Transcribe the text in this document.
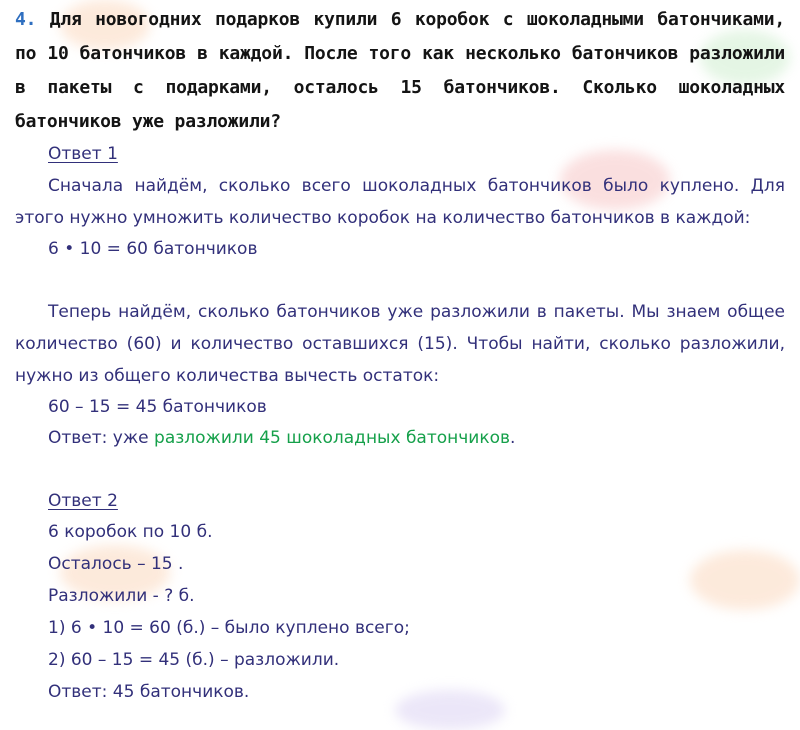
4. Для новогодних подарков купили 6 коробок с шоколадными батончиками, по 10 батончиков в каждой. После того как несколько батончиков разложили в пакеты с подарками, осталось 15 батончиков. Сколько шоколадных батончиков уже разложили?
Ответ 1
Сначала найдём, сколько всего шоколадных батончиков было куплено. Для этого нужно умножить количество коробок на количество батончиков в каждой:
6 • 10 = 60 батончиков
Теперь найдём, сколько батончиков уже разложили в пакеты. Мы знаем общее количество (60) и количество оставшихся (15). Чтобы найти, сколько разложили, нужно из общего количества вычесть остаток:
60 – 15 = 45 батончиков
Ответ: уже разложили 45 шоколадных батончиков.
Ответ 2
6 коробок по 10 б.
Осталось – 15 .
Разложили - ? б.
1) 6 • 10 = 60 (б.) – было куплено всего;
2) 60 – 15 = 45 (б.) – разложили.
Ответ: 45 батончиков.
